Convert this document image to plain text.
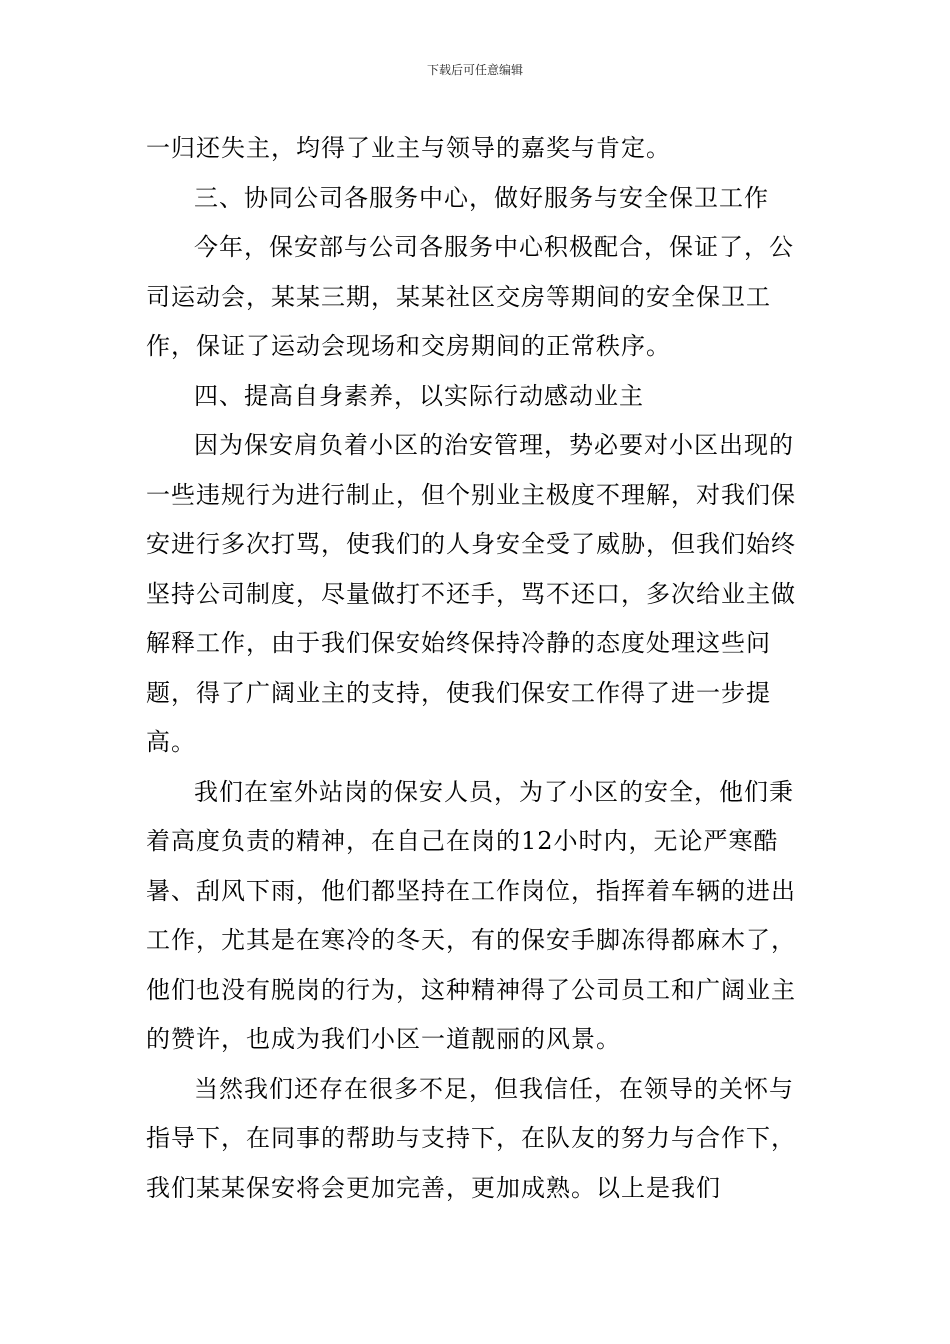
下载后可任意编辑

一归还失主，均得了业主与领导的嘉奖与肯定。

三、协同公司各服务中心，做好服务与安全保卫工作

今年，保安部与公司各服务中心积极配合，保证了，公司运动会，某某三期，某某社区交房等期间的安全保卫工作，保证了运动会现场和交房期间的正常秩序。

四、提高自身素养，以实际行动感动业主

因为保安肩负着小区的治安管理，势必要对小区出现的一些违规行为进行制止，但个别业主极度不理解，对我们保安进行多次打骂，使我们的人身安全受了威胁，但我们始终坚持公司制度，尽量做打不还手，骂不还口，多次给业主做解释工作，由于我们保安始终保持冷静的态度处理这些问题，得了广阔业主的支持，使我们保安工作得了进一步提高。

我们在室外站岗的保安人员，为了小区的安全，他们秉着高度负责的精神，在自己在岗的12小时内，无论严寒酷暑、刮风下雨，他们都坚持在工作岗位，指挥着车辆的进出工作，尤其是在寒冷的冬天，有的保安手脚冻得都麻木了，他们也没有脱岗的行为，这种精神得了公司员工和广阔业主的赞许，也成为我们小区一道靓丽的风景。

当然我们还存在很多不足，但我信任，在领导的关怀与指导下，在同事的帮助与支持下，在队友的努力与合作下，我们某某保安将会更加完善，更加成熟。以上是我们
